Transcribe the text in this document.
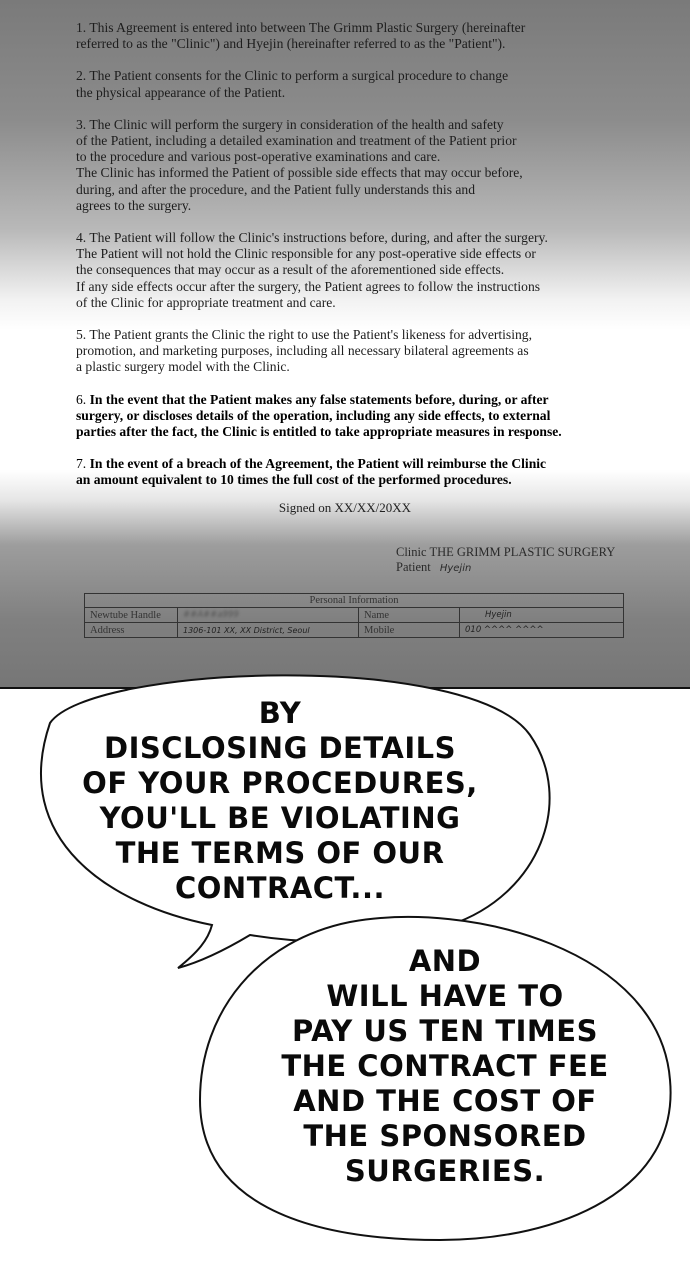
1. This Agreement is entered into between The Grimm Plastic Surgery (hereinafter
referred to as the "Clinic") and Hyejin (hereinafter referred to as the "Patient").
2. The Patient consents for the Clinic to perform a surgical procedure to change
the physical appearance of the Patient.
3. The Clinic will perform the surgery in consideration of the health and safety
of the Patient, including a detailed examination and treatment of the Patient prior
to the procedure and various post-operative examinations and care.
The Clinic has informed the Patient of possible side effects that may occur before,
during, and after the procedure, and the Patient fully understands this and
agrees to the surgery.
4. The Patient will follow the Clinic's instructions before, during, and after the surgery.
The Patient will not hold the Clinic responsible for any post-operative side effects or
the consequences that may occur as a result of the aforementioned side effects.
If any side effects occur after the surgery, the Patient agrees to follow the instructions
of the Clinic for appropriate treatment and care.
5. The Patient grants the Clinic the right to use the Patient's likeness for advertising,
promotion, and marketing purposes, including all necessary bilateral agreements as
a plastic surgery model with the Clinic.
6. In the event that the Patient makes any false statements before, during, or after
surgery, or discloses details of the operation, including any side effects, to external
parties after the fact, the Clinic is entitled to take appropriate measures in response.
7. In the event of a breach of the Agreement, the Patient will reimburse the Clinic
an amount equivalent to 10 times the full cost of the performed procedures.
Signed on XX/XX/20XX
Clinic THE GRIMM PLASTIC SURGERY
Patient Hyejin
Personal Information			
Newtube Handle	##A##a999	Name	Hyejin
Address	1306-101 XX, XX District, Seoul	Mobile	010 ^^^^ ^^^^
BY
DISCLOSING DETAILS
OF YOUR PROCEDURES,
YOU'LL BE VIOLATING
THE TERMS OF OUR
CONTRACT...
AND
WILL HAVE TO
PAY US TEN TIMES
THE CONTRACT FEE
AND THE COST OF
THE SPONSORED
SURGERIES.
